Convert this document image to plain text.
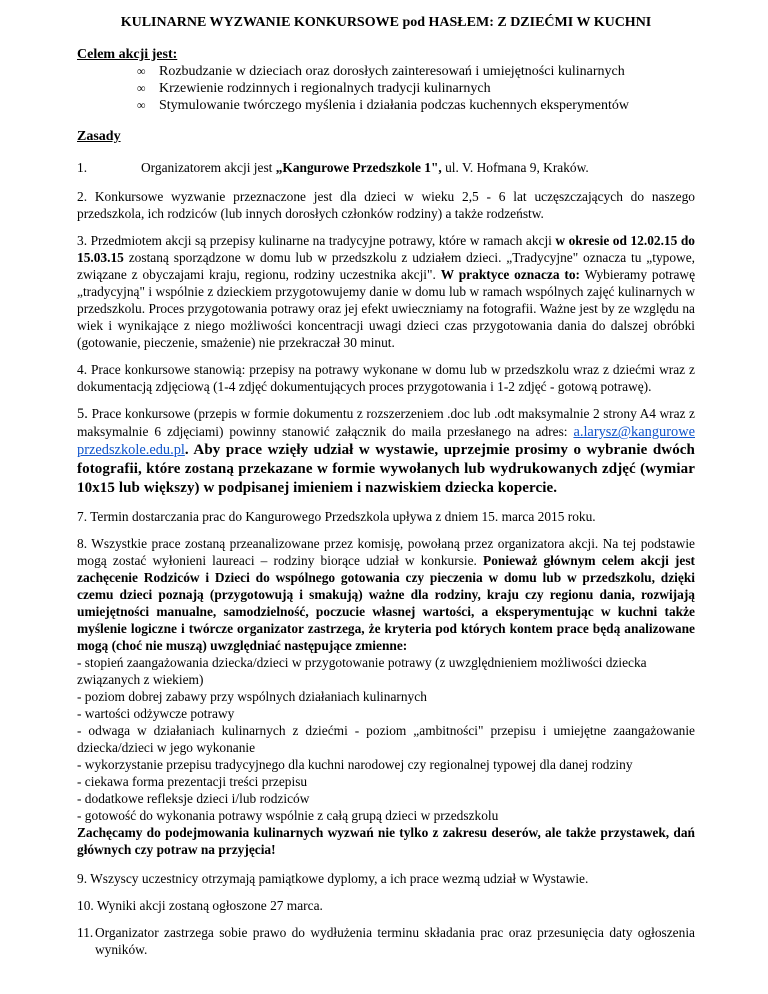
KULINARNE WYZWANIE KONKURSOWE pod HASŁEM: Z DZIEĆMI W KUCHNI

Celem akcji jest:

∞ Rozbudzanie w dzieciach oraz dorosłych zainteresowań i umiejętności kulinarnych
∞ Krzewienie rodzinnych i regionalnych tradycji kulinarnych
∞ Stymulowanie twórczego myślenia i działania podczas kuchennych eksperymentów

Zasady

1.	Organizatorem akcji jest „Kangurowe Przedszkole 1", ul. V. Hofmana 9, Kraków.

2. Konkursowe wyzwanie przeznaczone jest dla dzieci w wieku 2,5 - 6 lat uczęszczających do naszego przedszkola, ich rodziców (lub innych dorosłych członków rodziny) a także rodzeństw.

3. Przedmiotem akcji są przepisy kulinarne na tradycyjne potrawy, które w ramach akcji w okresie od 12.02.15 do 15.03.15 zostaną sporządzone w domu lub w przedszkolu z udziałem dzieci. „Tradycyjne" oznacza tu „typowe, związane z obyczajami kraju, regionu, rodziny uczestnika akcji". W praktyce oznacza to: Wybieramy potrawę „tradycyjną" i wspólnie z dzieckiem przygotowujemy danie w domu lub w ramach wspólnych zajęć kulinarnych w przedszkolu. Proces przygotowania potrawy oraz jej efekt uwieczniamy na fotografii. Ważne jest by ze względu na wiek i wynikające z niego możliwości koncentracji uwagi dzieci czas przygotowania dania do dalszej obróbki (gotowanie, pieczenie, smażenie) nie przekraczał 30 minut.

4. Prace konkursowe stanowią: przepisy na potrawy wykonane w domu lub w przedszkolu wraz z dziećmi wraz z dokumentacją zdjęciową (1-4 zdjęć dokumentujących proces przygotowania i 1-2 zdjęć - gotową potrawę).

5. Prace konkursowe (przepis w formie dokumentu z rozszerzeniem .doc lub .odt maksymalnie 2 strony A4 wraz z maksymalnie 6 zdjęciami) powinny stanowić załącznik do maila przesłanego na adres: a.larysz@kangurowe​przedszkole.edu.pl. Aby prace wzięły udział w wystawie, uprzejmie prosimy o wybranie dwóch fotografii, które zostaną przekazane w formie wywołanych lub wydrukowanych zdjęć (wymiar 10x15 lub większy) w podpisanej imieniem i nazwiskiem dziecka kopercie.

7. Termin dostarczania prac do Kangurowego Przedszkola upływa z dniem 15. marca 2015 roku.

8. Wszystkie prace zostaną przeanalizowane przez komisję, powołaną przez organizatora akcji. Na tej podstawie mogą zostać wyłonieni laureaci – rodziny biorące udział w konkursie. Ponieważ głównym celem akcji jest zachęcenie Rodziców i Dzieci do wspólnego gotowania czy pieczenia w domu lub w przedszkolu, dzięki czemu dzieci poznają (przygotowują i smakują) ważne dla rodziny, kraju czy regionu dania, rozwijają umiejętności manualne, samodzielność, poczucie własnej wartości, a eksperymentując w kuchni także myślenie logiczne i twórcze organizator zastrzega, że kryteria pod których kontem prace będą analizowane mogą (choć nie muszą) uwzględniać następujące zmienne:

- stopień zaangażowania dziecka/dzieci w przygotowanie potrawy (z uwzględnieniem możliwości dziecka związanych z wiekiem)

- poziom dobrej zabawy przy wspólnych działaniach kulinarnych

- wartości odżywcze potrawy

- odwaga w działaniach kulinarnych z dziećmi - poziom „ambitności" przepisu i umiejętne zaangażowanie dziecka/dzieci w jego wykonanie

- wykorzystanie przepisu tradycyjnego dla kuchni narodowej czy regionalnej typowej dla danej rodziny

- ciekawa forma prezentacji treści przepisu

- dodatkowe refleksje dzieci i/lub rodziców

- gotowość do wykonania potrawy wspólnie z całą grupą dzieci w przedszkolu

Zachęcamy do podejmowania kulinarnych wyzwań nie tylko z zakresu deserów, ale także przystawek, dań głównych czy potraw na przyjęcia!

9. Wszyscy uczestnicy otrzymają pamiątkowe dyplomy, a ich prace wezmą udział w Wystawie.

10. Wyniki akcji zostaną ogłoszone 27 marca.

11. Organizator zastrzega sobie prawo do wydłużenia terminu składania prac oraz przesunięcia daty ogłoszenia wyników.
